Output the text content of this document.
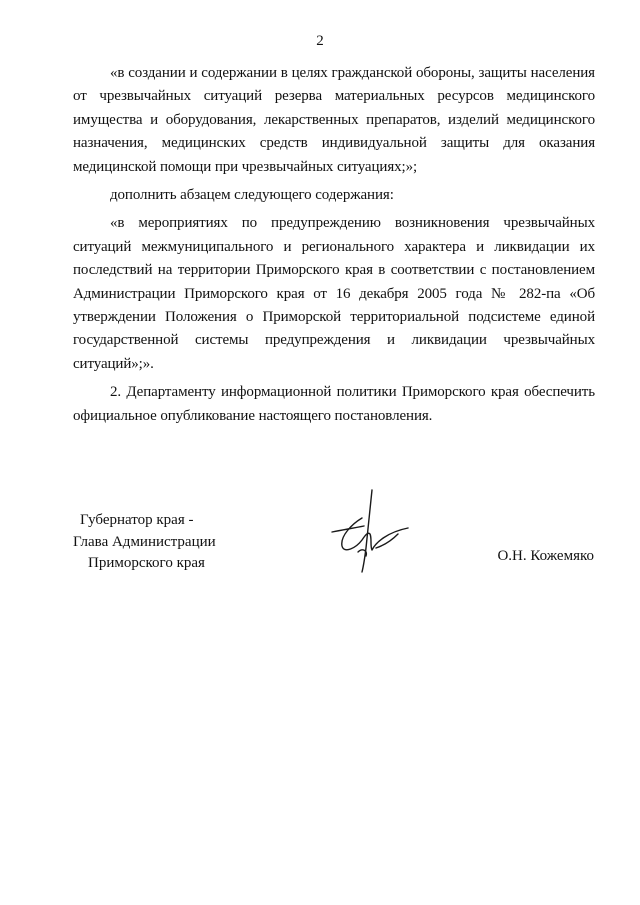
2

«в создании и содержании в целях гражданской обороны, защиты населения от чрезвычайных ситуаций резерва материальных ресурсов медицинского имущества и оборудования, лекарственных препаратов, изделий медицинского назначения, медицинских средств индивидуальной защиты для оказания медицинской помощи при чрезвычайных ситуациях;»;

дополнить абзацем следующего содержания:

«в мероприятиях по предупреждению возникновения чрезвычайных ситуаций межмуниципального и регионального характера и ликвидации их последствий на территории Приморского края в соответствии с постановлением Администрации Приморского края от 16 декабря 2005 года № 282-па «Об утверждении Положения о Приморской территориальной подсистеме единой государственной системы предупреждения и ликвидации чрезвычайных ситуаций»;».

2. Департаменту информационной политики Приморского края обеспечить официальное опубликование настоящего постановления.

Губернатор края -
Глава Администрации
Приморского края	О.Н. Кожемяко
